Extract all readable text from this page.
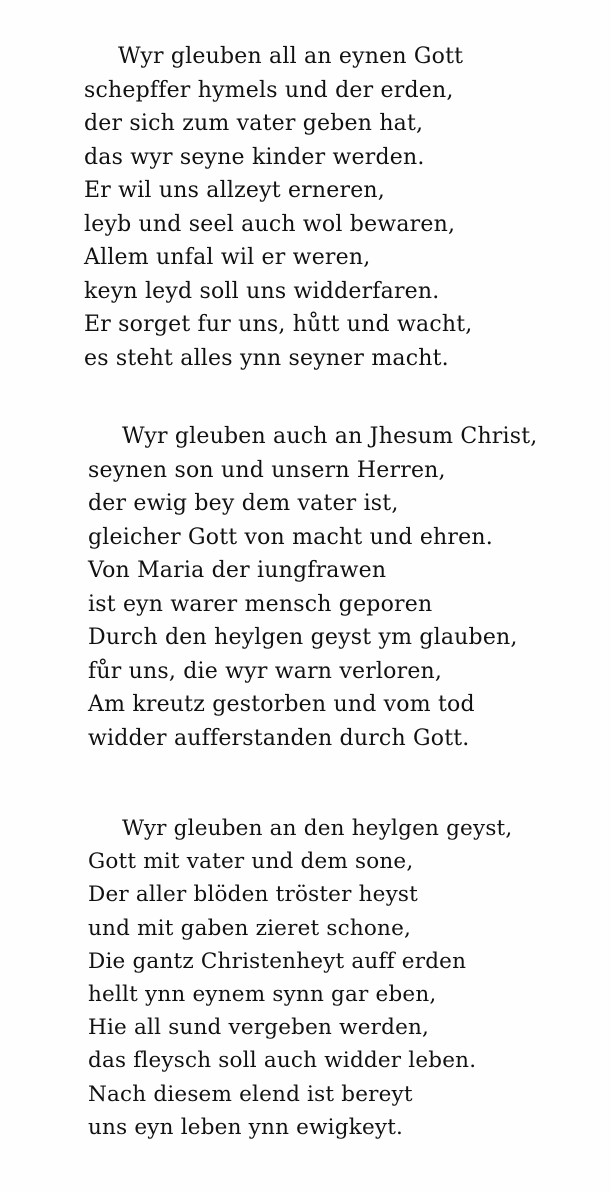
Wyr gleuben all an eynen Gott
schepffer hymels und der erden,
der sich zum vater geben hat,
das wyr seyne kinder werden.
Er wil uns allzeyt erneren,
leyb und seel auch wol bewaren,
Allem unfal wil er weren,
keyn leyd soll uns widderfaren.
Er sorget fur uns, hůtt und wacht,
es steht alles ynn seyner macht.
Wyr gleuben auch an Jhesum Christ,
seynen son und unsern Herren,
der ewig bey dem vater ist,
gleicher Gott von macht und ehren.
Von Maria der iungfrawen
ist eyn warer mensch geporen
Durch den heylgen geyst ym glauben,
fůr uns, die wyr warn verloren,
Am kreutz gestorben und vom tod
widder aufferstanden durch Gott.
Wyr gleuben an den heylgen geyst,
Gott mit vater und dem sone,
Der aller blöden tröster heyst
und mit gaben zieret schone,
Die gantz Christenheyt auff erden
hellt ynn eynem synn gar eben,
Hie all sund vergeben werden,
das fleysch soll auch widder leben.
Nach diesem elend ist bereyt
uns eyn leben ynn ewigkeyt.
